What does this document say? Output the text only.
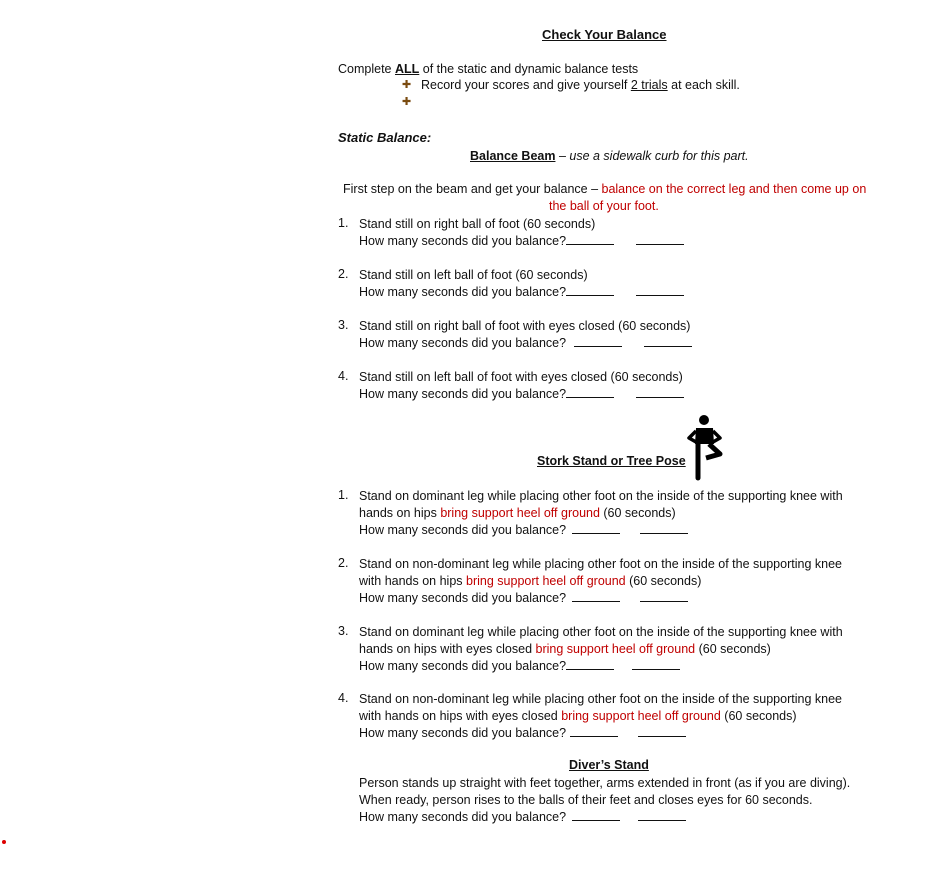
Check Your Balance
Complete ALL of the static and dynamic balance tests
✚
Record your scores and give yourself 2 trials at each skill.
✚
Static Balance:
Balance Beam – use a sidewalk curb for this part.
First step on the beam and get your balance – balance on the correct leg and then come up on
the ball of your foot.
1. Stand still on right ball of foot (60 seconds)
How many seconds did you balance?
2. Stand still on left ball of foot (60 seconds)
How many seconds did you balance?
3. Stand still on right ball of foot with eyes closed (60 seconds)
How many seconds did you balance?
4. Stand still on left ball of foot with eyes closed (60 seconds)
How many seconds did you balance?
Stork Stand or Tree Pose
1. Stand on dominant leg while placing other foot on the inside of the supporting knee with
hands on hips bring support heel off ground (60 seconds)
How many seconds did you balance?
2. Stand on non-dominant leg while placing other foot on the inside of the supporting knee
with hands on hips bring support heel off ground (60 seconds)
How many seconds did you balance?
3. Stand on dominant leg while placing other foot on the inside of the supporting knee with
hands on hips with eyes closed bring support heel off ground (60 seconds)
How many seconds did you balance?
4. Stand on non-dominant leg while placing other foot on the inside of the supporting knee
with hands on hips with eyes closed bring support heel off ground (60 seconds)
How many seconds did you balance?
Diver’s Stand
Person stands up straight with feet together, arms extended in front (as if you are diving).
When ready, person rises to the balls of their feet and closes eyes for 60 seconds.
How many seconds did you balance?
